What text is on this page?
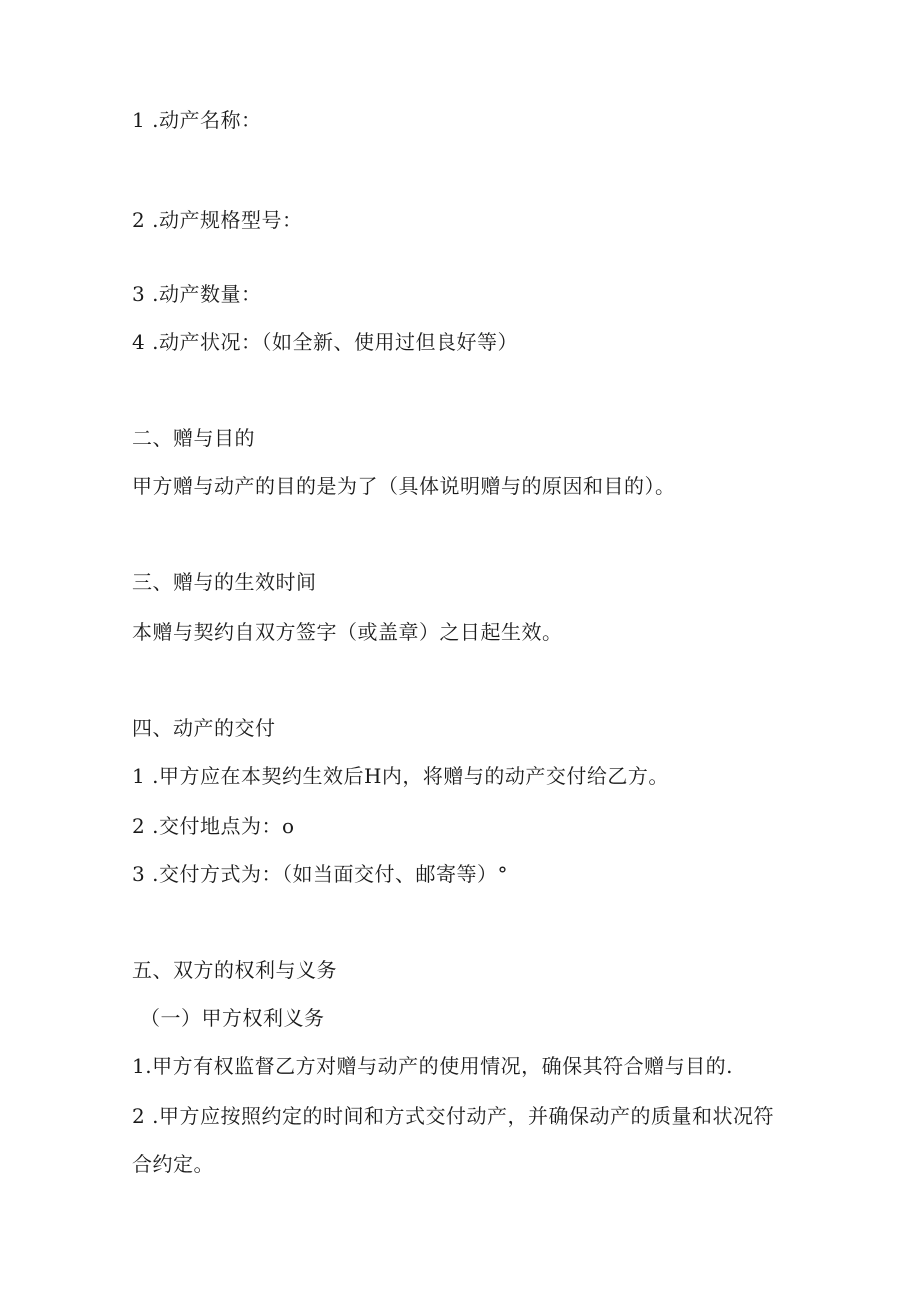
1 .动产名称：
2 .动产规格型号：
3 .动产数量：
4 .动产状况：（如全新、使用过但良好等）
二、赠与目的
甲方赠与动产的目的是为了（具体说明赠与的原因和目的）。
三、赠与的生效时间
本赠与契约自双方签字（或盖章）之日起生效。
四、动产的交付
1 .甲方应在本契约生效后H内，将赠与的动产交付给乙方。
2 .交付地点为：o
3 .交付方式为：（如当面交付、邮寄等）°
五、双方的权利与义务
（一）甲方权利义务
1.甲方有权监督乙方对赠与动产的使用情况，确保其符合赠与目的.
2 .甲方应按照约定的时间和方式交付动产，并确保动产的质量和状况符
合约定。
